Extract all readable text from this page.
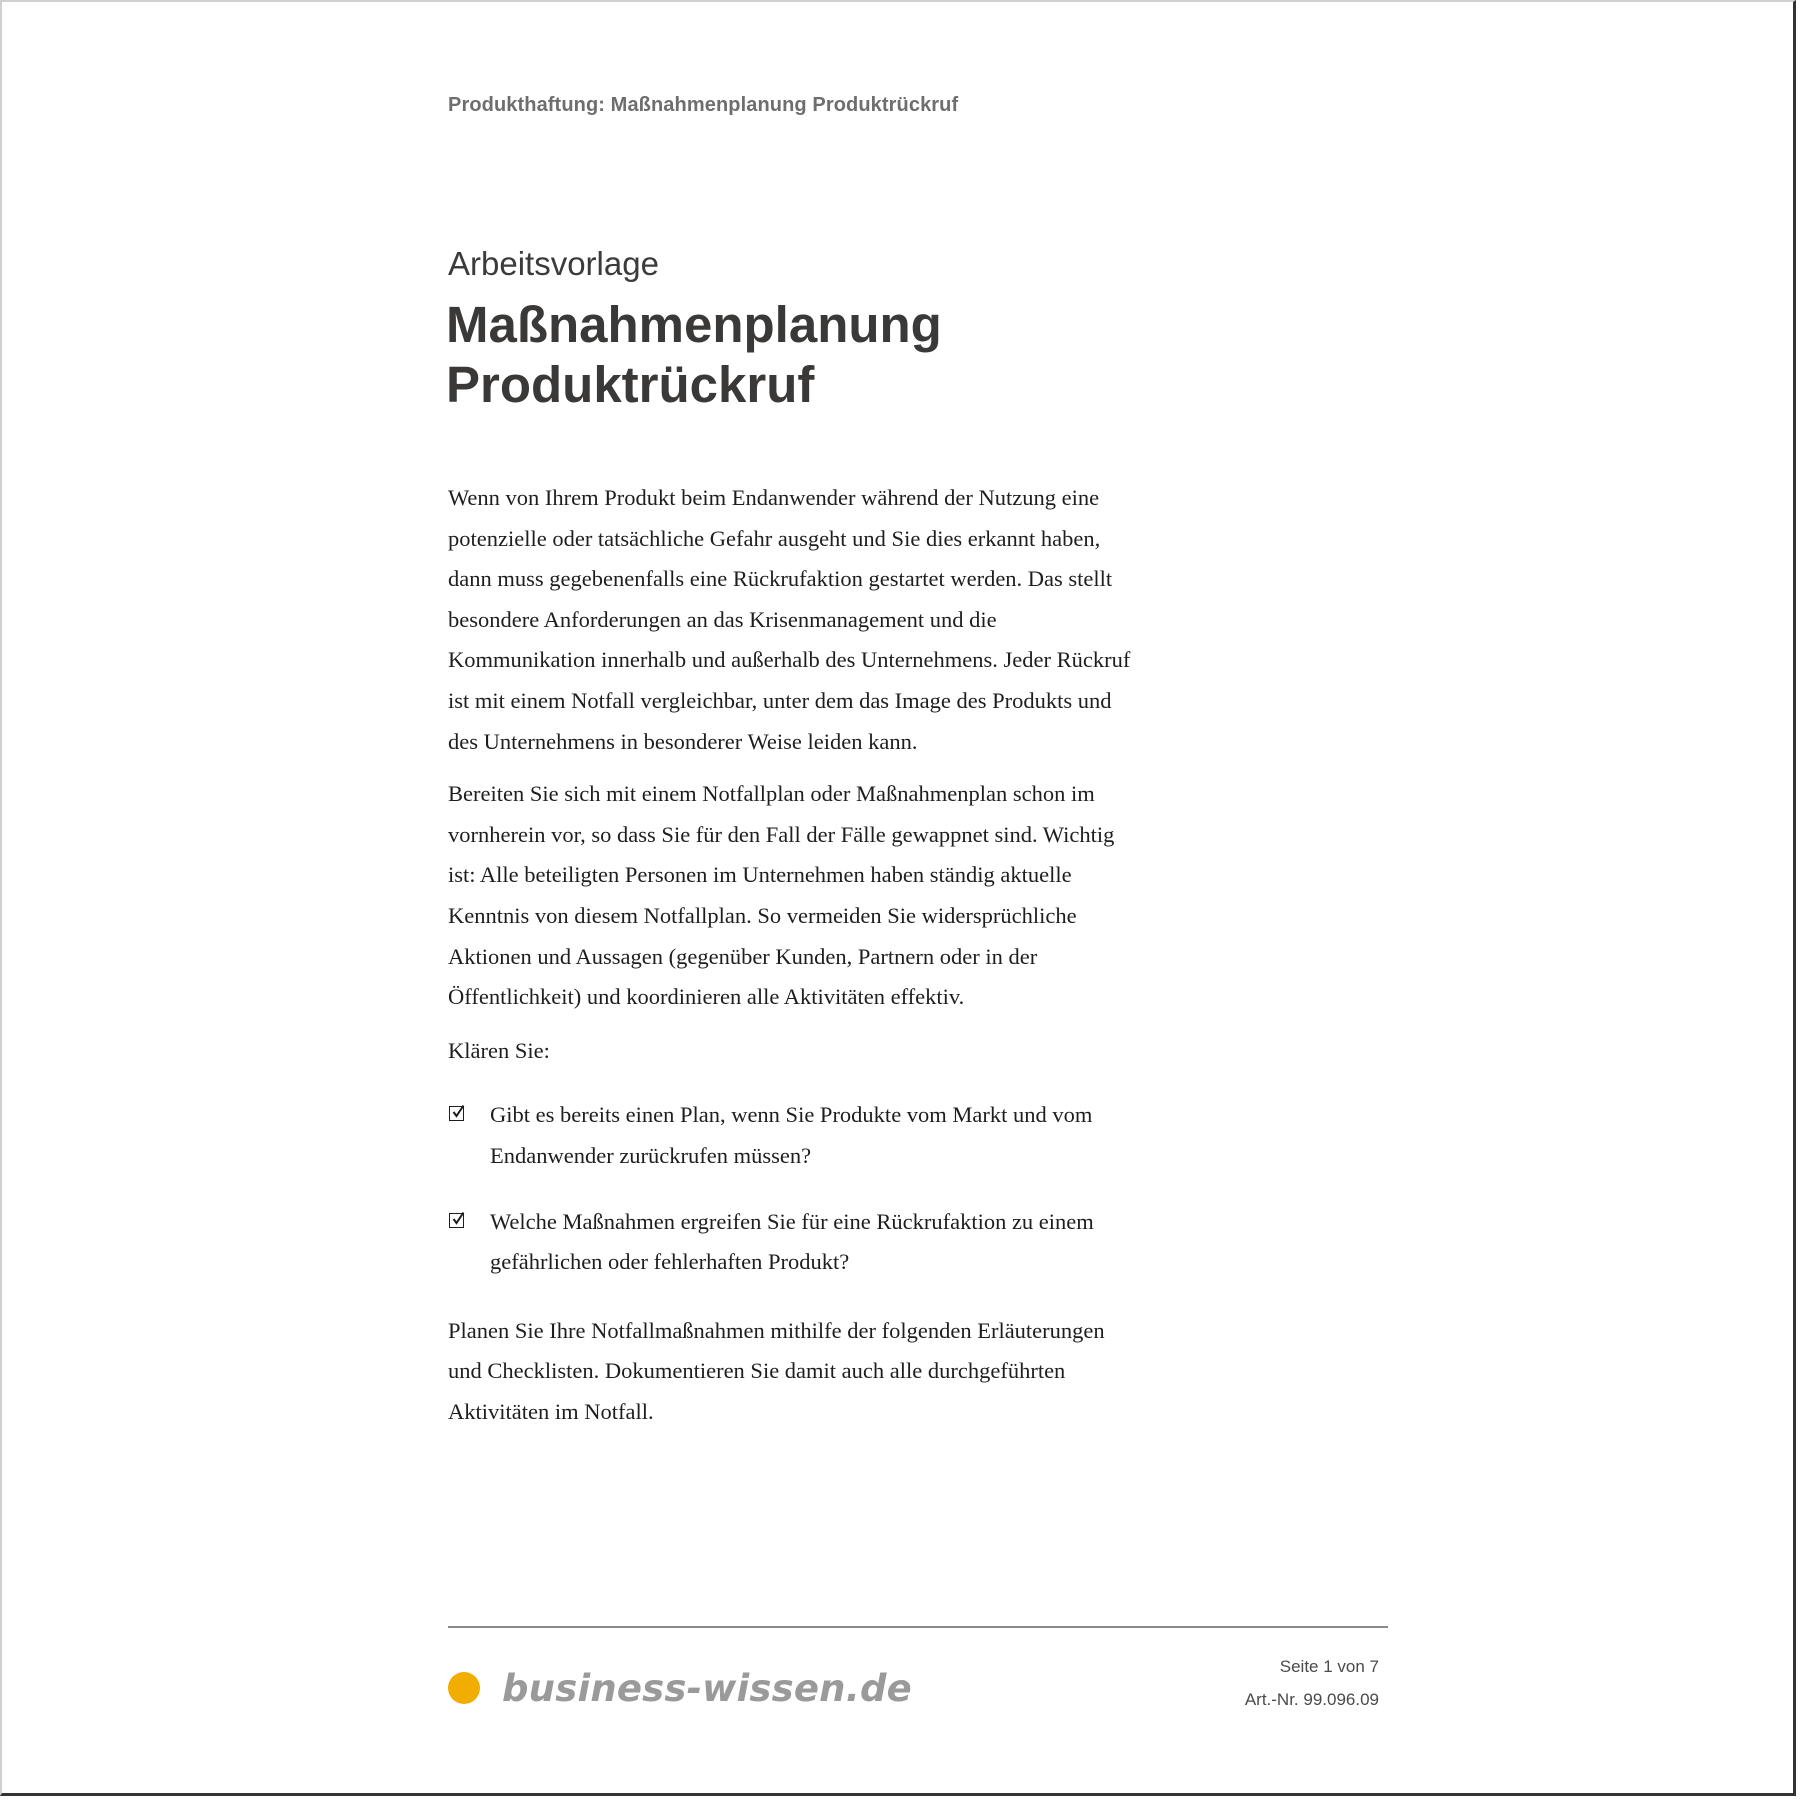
Produkthaftung: Maßnahmenplanung Produktrückruf
Arbeitsvorlage
Maßnahmenplanung
Produktrückruf

Wenn von Ihrem Produkt beim Endanwender während der Nutzung eine
potenzielle oder tatsächliche Gefahr ausgeht und Sie dies erkannt haben,
dann muss gegebenenfalls eine Rückrufaktion gestartet werden. Das stellt
besondere Anforderungen an das Krisenmanagement und die
Kommunikation innerhalb und außerhalb des Unternehmens. Jeder Rückruf
ist mit einem Notfall vergleichbar, unter dem das Image des Produkts und
des Unternehmens in besonderer Weise leiden kann.

Bereiten Sie sich mit einem Notfallplan oder Maßnahmenplan schon im
vornherein vor, so dass Sie für den Fall der Fälle gewappnet sind. Wichtig
ist: Alle beteiligten Personen im Unternehmen haben ständig aktuelle
Kenntnis von diesem Notfallplan. So vermeiden Sie widersprüchliche
Aktionen und Aussagen (gegenüber Kunden, Partnern oder in der
Öffentlichkeit) und koordinieren alle Aktivitäten effektiv.

Klären Sie:

Gibt es bereits einen Plan, wenn Sie Produkte vom Markt und vom
Endanwender zurückrufen müssen?
Welche Maßnahmen ergreifen Sie für eine Rückrufaktion zu einem
gefährlichen oder fehlerhaften Produkt?

Planen Sie Ihre Notfallmaßnahmen mithilfe der folgenden Erläuterungen
und Checklisten. Dokumentieren Sie damit auch alle durchgeführten
Aktivitäten im Notfall.

business-wissen.de	Seite 1 von 7
Art.-Nr. 99.096.09
